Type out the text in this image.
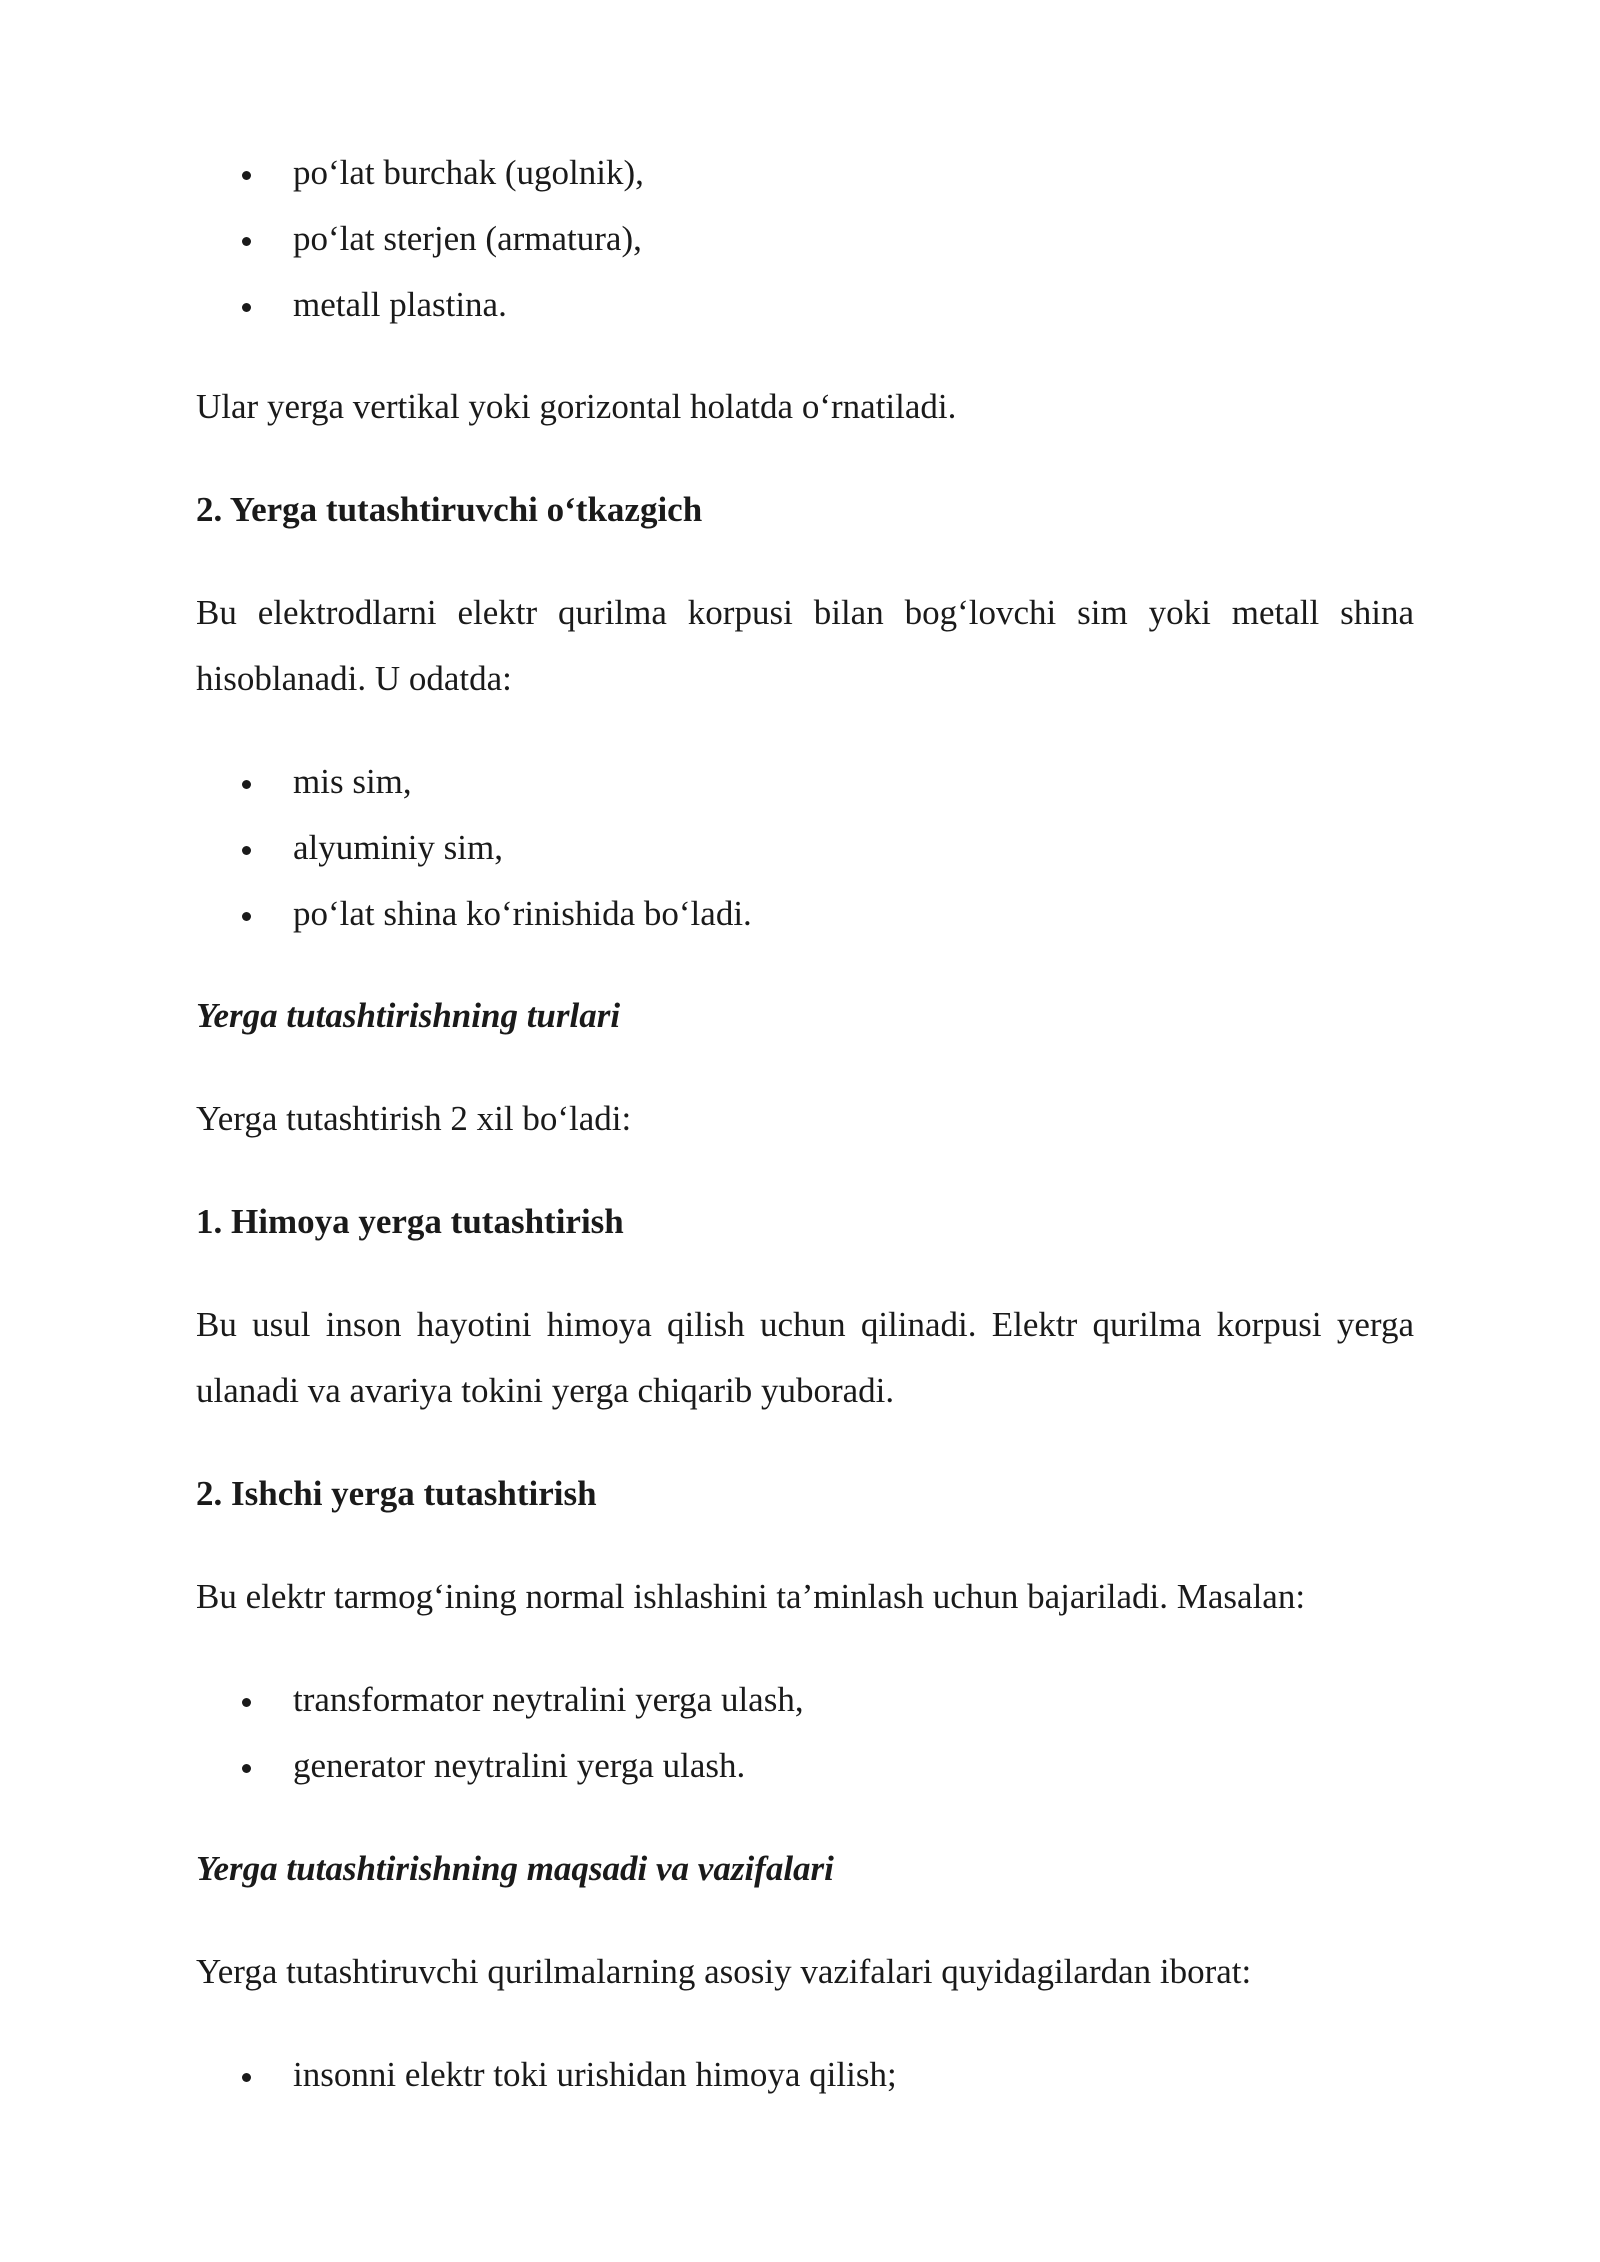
po‘lat burchak (ugolnik),
po‘lat sterjen (armatura),
metall plastina.

Ular yerga vertikal yoki gorizontal holatda o‘rnatiladi.

2. Yerga tutashtiruvchi o‘tkazgich

Bu elektrodlarni elektr qurilma korpusi bilan bog‘lovchi sim yoki metall shina hisoblanadi. U odatda:

mis sim,
alyuminiy sim,
po‘lat shina ko‘rinishida bo‘ladi.

Yerga tutashtirishning turlari

Yerga tutashtirish 2 xil bo‘ladi:

1. Himoya yerga tutashtirish

Bu usul inson hayotini himoya qilish uchun qilinadi. Elektr qurilma korpusi yerga ulanadi va avariya tokini yerga chiqarib yuboradi.

2. Ishchi yerga tutashtirish

Bu elektr tarmog‘ining normal ishlashini ta’minlash uchun bajariladi. Masalan:

transformator neytralini yerga ulash,
generator neytralini yerga ulash.

Yerga tutashtirishning maqsadi va vazifalari

Yerga tutashtiruvchi qurilmalarning asosiy vazifalari quyidagilardan iborat:

insonni elektr toki urishidan himoya qilish;
